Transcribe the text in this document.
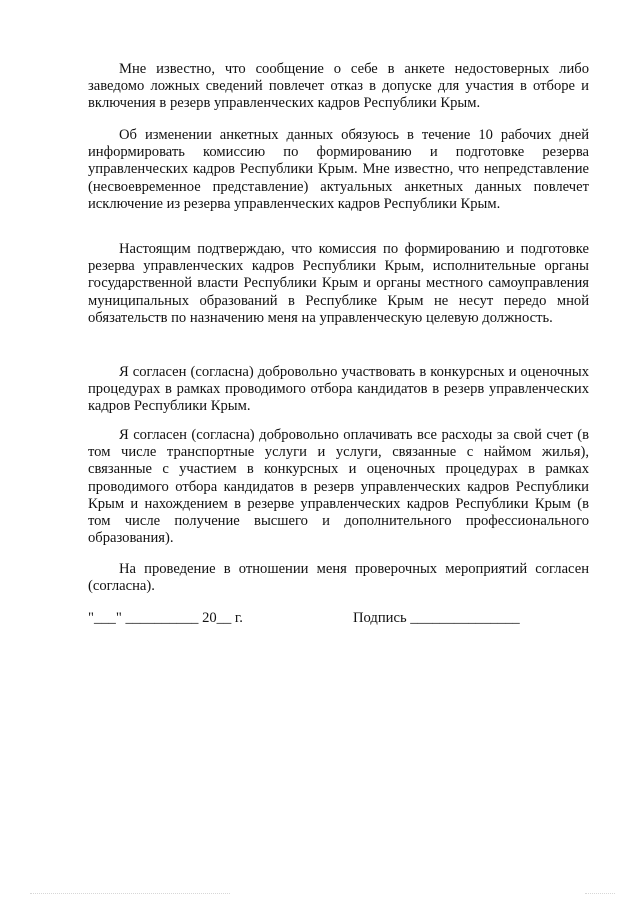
Мне известно, что сообщение о себе в анкете недостоверных либо заведомо ложных сведений повлечет отказ в допуске для участия в отборе и включения в резерв управленческих кадров Республики Крым.

Об изменении анкетных данных обязуюсь в течение 10 рабочих дней информировать комиссию по формированию и подготовке резерва управленческих кадров Республики Крым. Мне известно, что непредставление (несвоевременное представление) актуальных анкетных данных повлечет исключение из резерва управленческих кадров Республики Крым.

Настоящим подтверждаю, что комиссия по формированию и подготовке резерва управленческих кадров Республики Крым, исполнительные органы государственной власти Республики Крым и органы местного самоуправления муниципальных образований в Республике Крым не несут передо мной обязательств по назначению меня на управленческую целевую должность.

Я согласен (согласна) добровольно участвовать в конкурсных и оценочных процедурах в рамках проводимого отбора кандидатов в резерв управленческих кадров Республики Крым.

Я согласен (согласна) добровольно оплачивать все расходы за свой счет (в том числе транспортные услуги и услуги, связанные с наймом жилья), связанные с участием в конкурсных и оценочных процедурах в рамках проводимого отбора кандидатов в резерв управленческих кадров Республики Крым и нахождением в резерве управленческих кадров Республики Крым (в том числе получение высшего и дополнительного профессионального образования).

На проведение в отношении меня проверочных мероприятий согласен (согласна).

"___" __________ 20__ г.	Подпись _______________
